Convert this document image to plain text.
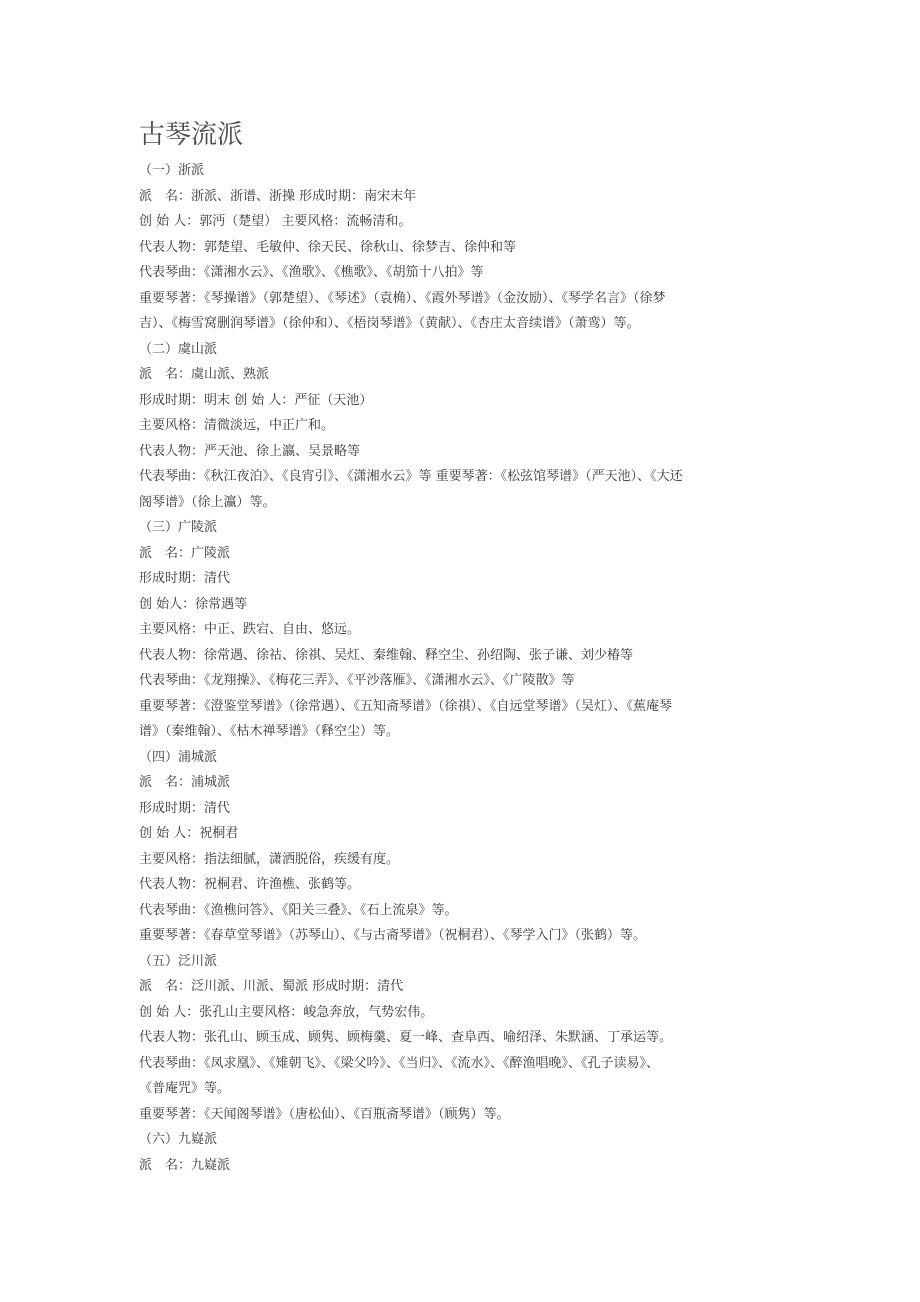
古琴流派

（一）浙派

派　名：浙派、浙谱、浙操 形成时期：南宋末年

创 始 人：郭沔（楚望） 主要风格：流畅清和。

代表人物：郭楚望、毛敏仲、徐天民、徐秋山、徐梦吉、徐仲和等

代表琴曲：《潇湘水云》、《渔歌》、《樵歌》、《胡笳十八拍》等

重要琴著：《琴操谱》（郭楚望）、《琴述》（袁桷）、《霞外琴谱》（金汝励）、《琴学名言》（徐梦

吉）、《梅雪窝删润琴谱》（徐仲和）、《梧岗琴谱》（黄献）、《杏庄太音续谱》（萧鸾）等。

（二）虞山派

派　名：虞山派、熟派

形成时期：明末 创 始 人：严征（天池）

主要风格：清微淡远，中正广和。

代表人物：严天池、徐上瀛、吴景略等

代表琴曲：《秋江夜泊》、《良宵引》、《潇湘水云》等 重要琴著：《松弦馆琴谱》（严天池）、《大还

阁琴谱》（徐上瀛）等。

（三）广陵派

派　名：广陵派

形成时期：清代

创 始人：徐常遇等

主要风格：中正、跌宕、自由、悠远。

代表人物：徐常遇、徐祜、徐祺、吴灴、秦维翰、释空尘、孙绍陶、张子谦、刘少椿等

代表琴曲：《龙翔操》、《梅花三弄》、《平沙落雁》、《潇湘水云》、《广陵散》等

重要琴著：《澄鉴堂琴谱》（徐常遇）、《五知斋琴谱》（徐祺）、《自远堂琴谱》（吴灴）、《蕉庵琴

谱》（秦维翰）、《枯木禅琴谱》（释空尘）等。

（四）浦城派

派　名：浦城派

形成时期：清代

创 始 人：祝桐君

主要风格：指法细腻，潇洒脱俗，疾缓有度。

代表人物：祝桐君、许渔樵、张鹤等。

代表琴曲：《渔樵问答》、《阳关三叠》、《石上流泉》等。

重要琴著：《春草堂琴谱》（苏琴山）、《与古斋琴谱》（祝桐君）、《琴学入门》（张鹤）等。

（五）泛川派

派　名：泛川派、川派、蜀派 形成时期：清代

创 始 人：张孔山主要风格：峻急奔放，气势宏伟。

代表人物：张孔山、顾玉成、顾隽、顾梅羹、夏一峰、查阜西、喻绍泽、朱默涵、丁承运等。

代表琴曲：《凤求凰》、《雉朝飞》、《梁父吟》、《当归》、《流水》、《醉渔唱晚》、《孔子读易》、

《普庵咒》等。

重要琴著：《天闻阁琴谱》（唐松仙）、《百瓶斋琴谱》（顾隽）等。

（六）九嶷派

派　名：九嶷派
